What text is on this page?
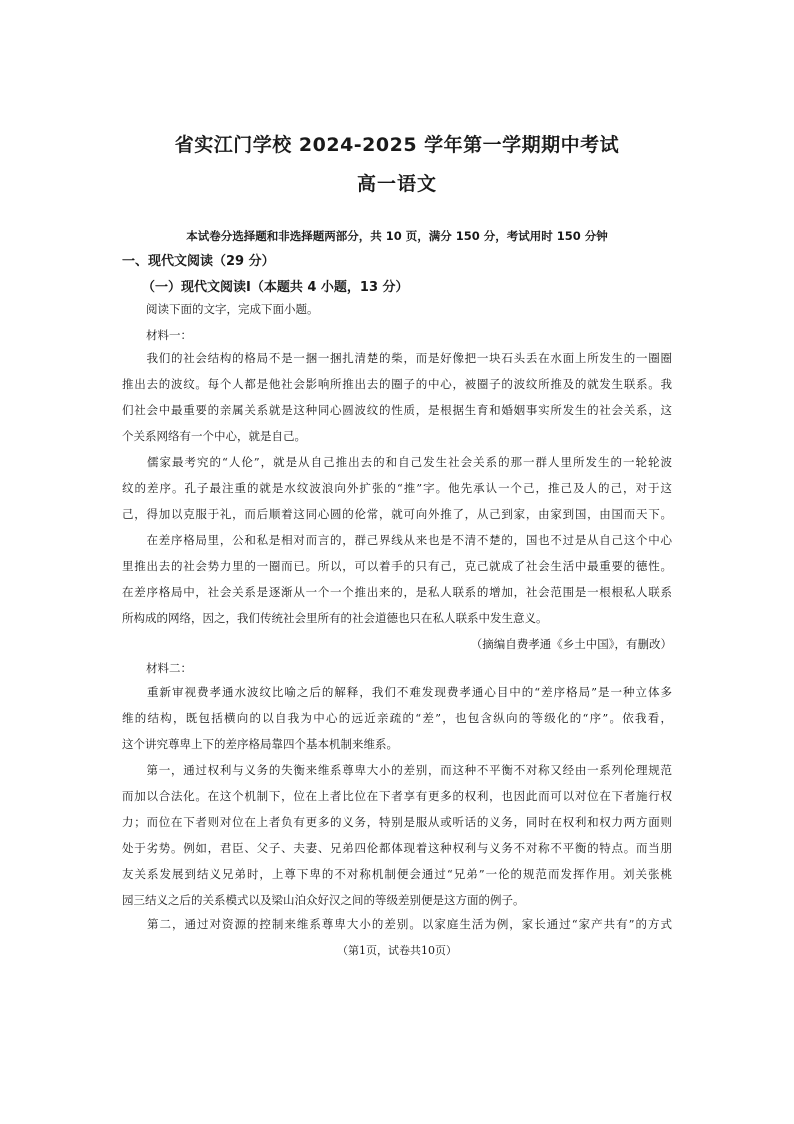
省实江门学校 2024-2025 学年第一学期期中考试
高一语文
本试卷分选择题和非选择题两部分，共 10 页，满分 150 分，考试用时 150 分钟
一、现代文阅读（29 分）
（一）现代文阅读Ⅰ（本题共 4 小题，13 分）
阅读下面的文字，完成下面小题。
材料一：
　　我们的社会结构的格局不是一捆一捆扎清楚的柴，而是好像把一块石头丢在水面上所发生的一圈圈
推出去的波纹。每个人都是他社会影响所推出去的圈子的中心，被圈子的波纹所推及的就发生联系。我
们社会中最重要的亲属关系就是这种同心圆波纹的性质，是根据生育和婚姻事实所发生的社会关系，这
个关系网络有一个中心，就是自己。
　　儒家最考究的“人伦”，就是从自己推出去的和自己发生社会关系的那一群人里所发生的一轮轮波
纹的差序。孔子最注重的就是水纹波浪向外扩张的“推”字。他先承认一个己，推己及人的己，对于这
己，得加以克服于礼，而后顺着这同心圆的伦常，就可向外推了，从己到家，由家到国，由国而天下。
　　在差序格局里，公和私是相对而言的，群己界线从来也是不清不楚的，国也不过是从自己这个中心
里推出去的社会势力里的一圈而已。所以，可以着手的只有己，克己就成了社会生活中最重要的德性。
在差序格局中，社会关系是逐渐从一个一个推出来的，是私人联系的增加，社会范围是一根根私人联系
所构成的网络，因之，我们传统社会里所有的社会道德也只在私人联系中发生意义。
（摘编自费孝通《乡土中国》，有删改）
材料二：
　　重新审视费孝通水波纹比喻之后的解释，我们不难发现费孝通心目中的“差序格局”是一种立体多
维的结构，既包括横向的以自我为中心的远近亲疏的“差”，也包含纵向的等级化的“序”。依我看，
这个讲究尊卑上下的差序格局靠四个基本机制来维系。
　　第一，通过权利与义务的失衡来维系尊卑大小的差别，而这种不平衡不对称又经由一系列伦理规范
而加以合法化。在这个机制下，位在上者比位在下者享有更多的权利，也因此而可以对位在下者施行权
力；而位在下者则对位在上者负有更多的义务，特别是服从或听话的义务，同时在权利和权力两方面则
处于劣势。例如，君臣、父子、夫妻、兄弟四伦都体现着这种权利与义务不对称不平衡的特点。而当朋
友关系发展到结义兄弟时，上尊下卑的不对称机制便会通过“兄弟”一伦的规范而发挥作用。刘关张桃
园三结义之后的关系模式以及梁山泊众好汉之间的等级差别便是这方面的例子。
　　第二，通过对资源的控制来维系尊卑大小的差别。以家庭生活为例，家长通过“家产共有”的方式
（第1页，试卷共10页）
